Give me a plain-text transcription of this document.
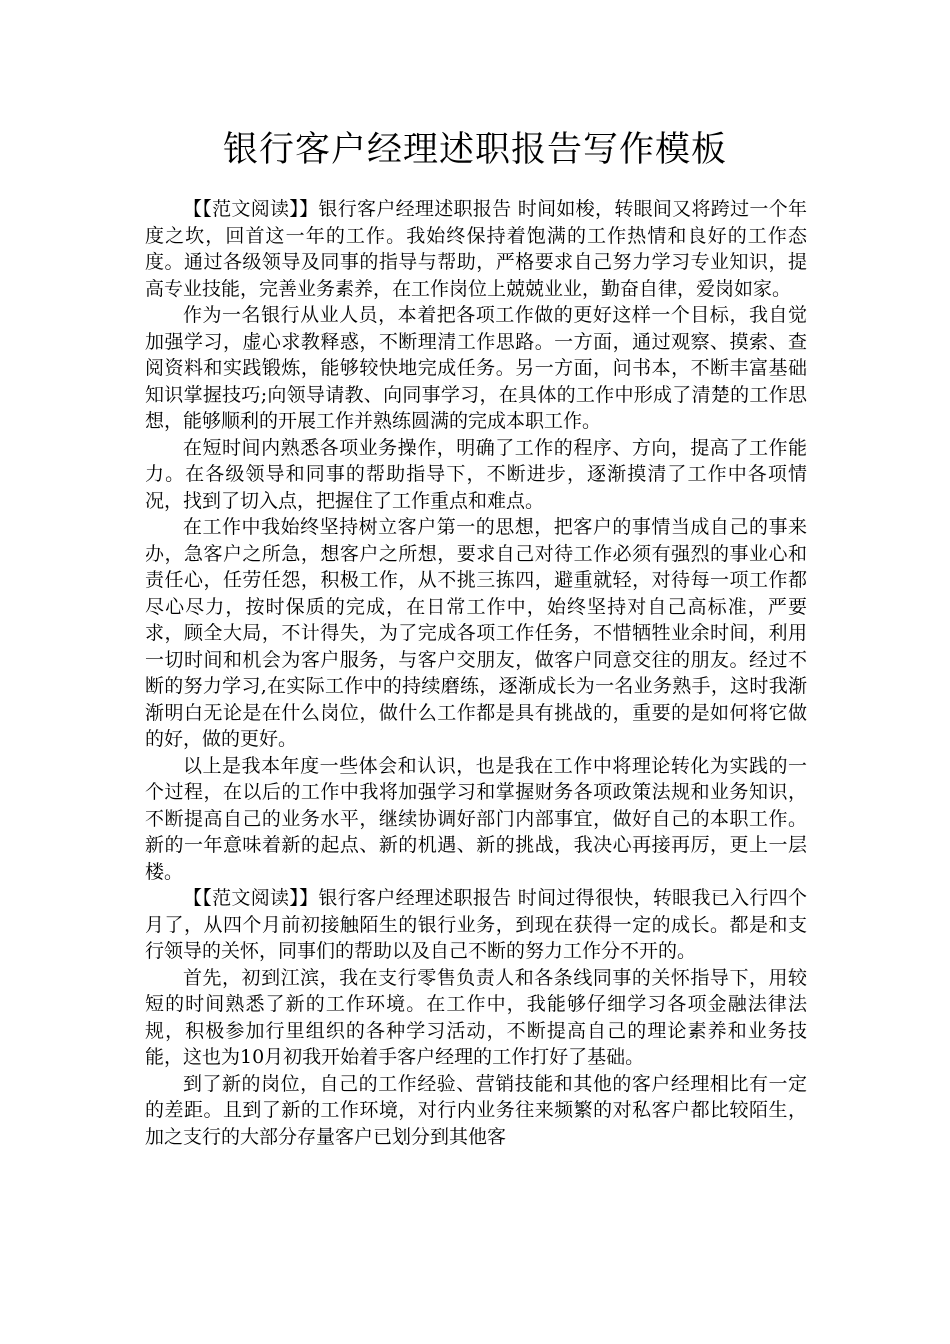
银行客户经理述职报告写作模板

【【范文阅读】】银行客户经理述职报告 时间如梭，转眼间又将跨过一个年度之坎，回首这一年的工作。我始终保持着饱满的工作热情和良好的工作态度。通过各级领导及同事的指导与帮助，严格要求自己努力学习专业知识，提高专业技能，完善业务素养，在工作岗位上兢兢业业，勤奋自律，爱岗如家。

作为一名银行从业人员，本着把各项工作做的更好这样一个目标，我自觉加强学习，虚心求教释惑，不断理清工作思路。一方面，通过观察、摸索、查阅资料和实践锻炼，能够较快地完成任务。另一方面，问书本，不断丰富基础知识掌握技巧;向领导请教、向同事学习，在具体的工作中形成了清楚的工作思想，能够顺利的开展工作并熟练圆满的完成本职工作。

在短时间内熟悉各项业务操作，明确了工作的程序、方向，提高了工作能力。在各级领导和同事的帮助指导下，不断进步，逐渐摸清了工作中各项情况，找到了切入点，把握住了工作重点和难点。

在工作中我始终坚持树立客户第一的思想，把客户的事情当成自己的事来办，急客户之所急，想客户之所想，要求自己对待工作必须有强烈的事业心和责任心，任劳任怨，积极工作，从不挑三拣四，避重就轻，对待每一项工作都尽心尽力，按时保质的完成，在日常工作中，始终坚持对自己高标准，严要求，顾全大局，不计得失，为了完成各项工作任务，不惜牺牲业余时间，利用一切时间和机会为客户服务，与客户交朋友，做客户同意交往的朋友。经过不断的努力学习,在实际工作中的持续磨练，逐渐成长为一名业务熟手，这时我渐渐明白无论是在什么岗位，做什么工作都是具有挑战的，重要的是如何将它做的好，做的更好。

以上是我本年度一些体会和认识，也是我在工作中将理论转化为实践的一个过程，在以后的工作中我将加强学习和掌握财务各项政策法规和业务知识，不断提高自己的业务水平，继续协调好部门内部事宜，做好自己的本职工作。新的一年意味着新的起点、新的机遇、新的挑战，我决心再接再厉，更上一层楼。

【【范文阅读】】银行客户经理述职报告 时间过得很快，转眼我已入行四个月了，从四个月前初接触陌生的银行业务，到现在获得一定的成长。都是和支行领导的关怀，同事们的帮助以及自己不断的努力工作分不开的。

首先，初到江滨，我在支行零售负责人和各条线同事的关怀指导下，用较短的时间熟悉了新的工作环境。在工作中，我能够仔细学习各项金融法律法规，积极参加行里组织的各种学习活动，不断提高自己的理论素养和业务技能，这也为10月初我开始着手客户经理的工作打好了基础。

到了新的岗位，自己的工作经验、营销技能和其他的客户经理相比有一定的差距。且到了新的工作环境，对行内业务往来频繁的对私客户都比较陌生，加之支行的大部分存量客户已划分到其他客
